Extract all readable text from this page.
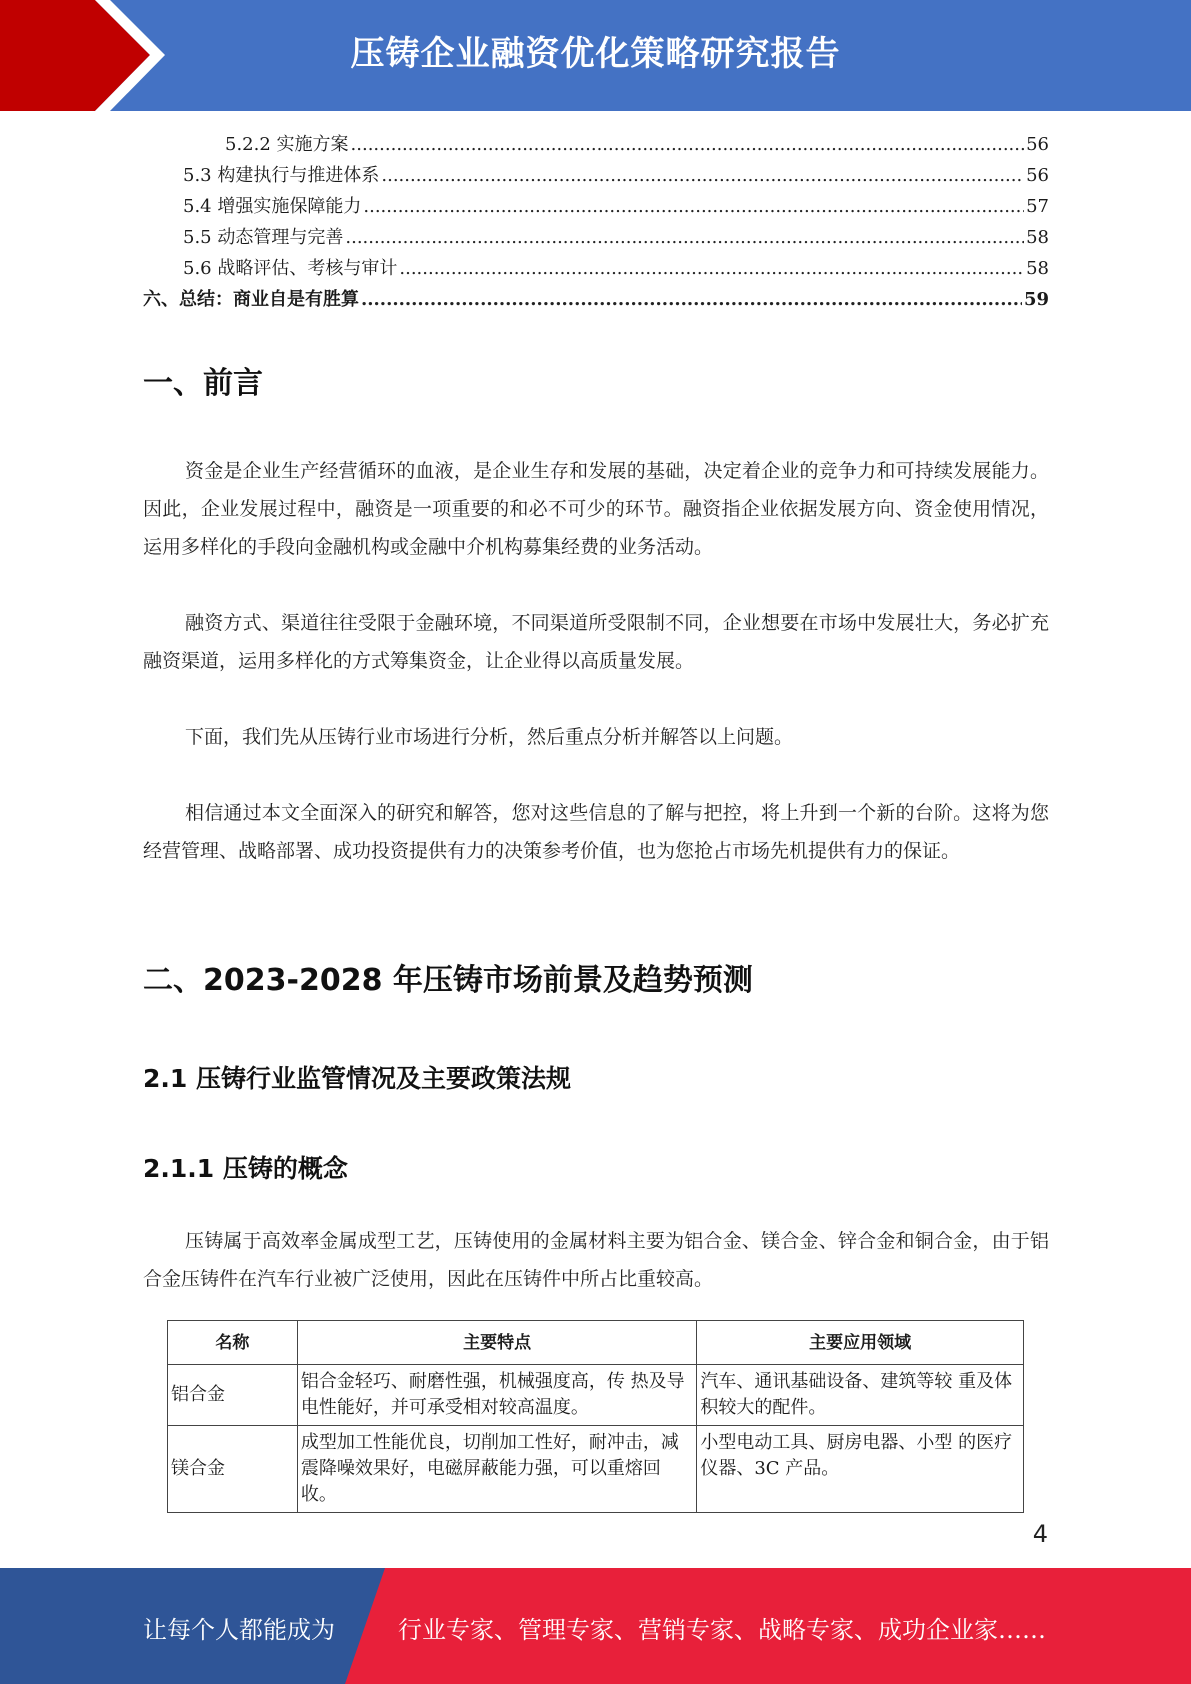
压铸企业融资优化策略研究报告
5.2.2
实施方案 .....	56
5.3
构建执行与推进体系 .....	56
5.4
增强实施保障能力 .....	57
5.5
动态管理与完善 .....	58
5.6
战略评估、考核与审计 .....	58
六、 总结：商业自是有胜算 .....	59
一、前言
资金是企业生产经营循环的血液，是企业生存和发展的基础，决定着企业的竞争力和可持续发展能力。因此，企业发展过程中，融资是一项重要的和必不可少的环节。融资指企业依据发展方向、资金使用情况，运用多样化的手段向金融机构或金融中介机构募集经费的业务活动。
融资方式、渠道往往受限于金融环境，不同渠道所受限制不同，企业想要在市场中发展壮大，务必扩充融资渠道，运用多样化的方式筹集资金，让企业得以高质量发展。
下面，我们先从压铸行业市场进行分析，然后重点分析并解答以上问题。
相信通过本文全面深入的研究和解答，您对这些信息的了解与把控，将上升到一个新的台阶。这将为您经营管理、战略部署、成功投资提供有力的决策参考价值，也为您抢占市场先机提供有力的保证。
二、2023-2028 年压铸市场前景及趋势预测
2.1 压铸行业监管情况及主要政策法规
2.1.1 压铸的概念
压铸属于高效率金属成型工艺，压铸使用的金属材料主要为铝合金、镁合金、锌合金和铜合金，由于铝合金压铸件在汽车行业被广泛使用，因此在压铸件中所占比重较高。
名称	主要特点	主要应用领域
铝合金	铝合金轻巧、耐磨性强，机械强度高，传 热及导电性能好，并可承受相对较高温度。	汽车、通讯基础设备、建筑等较 重及体积较大的配件。
镁合金	成型加工性能优良，切削加工性好，耐冲击，减震降噪效果好，电磁屏蔽能力强，可以重熔回收。	小型电动工具、厨房电器、小型 的医疗仪器、3C 产品。
4
让每个人都能成为	行业专家、管理专家、营销专家、战略专家、成功企业家……
